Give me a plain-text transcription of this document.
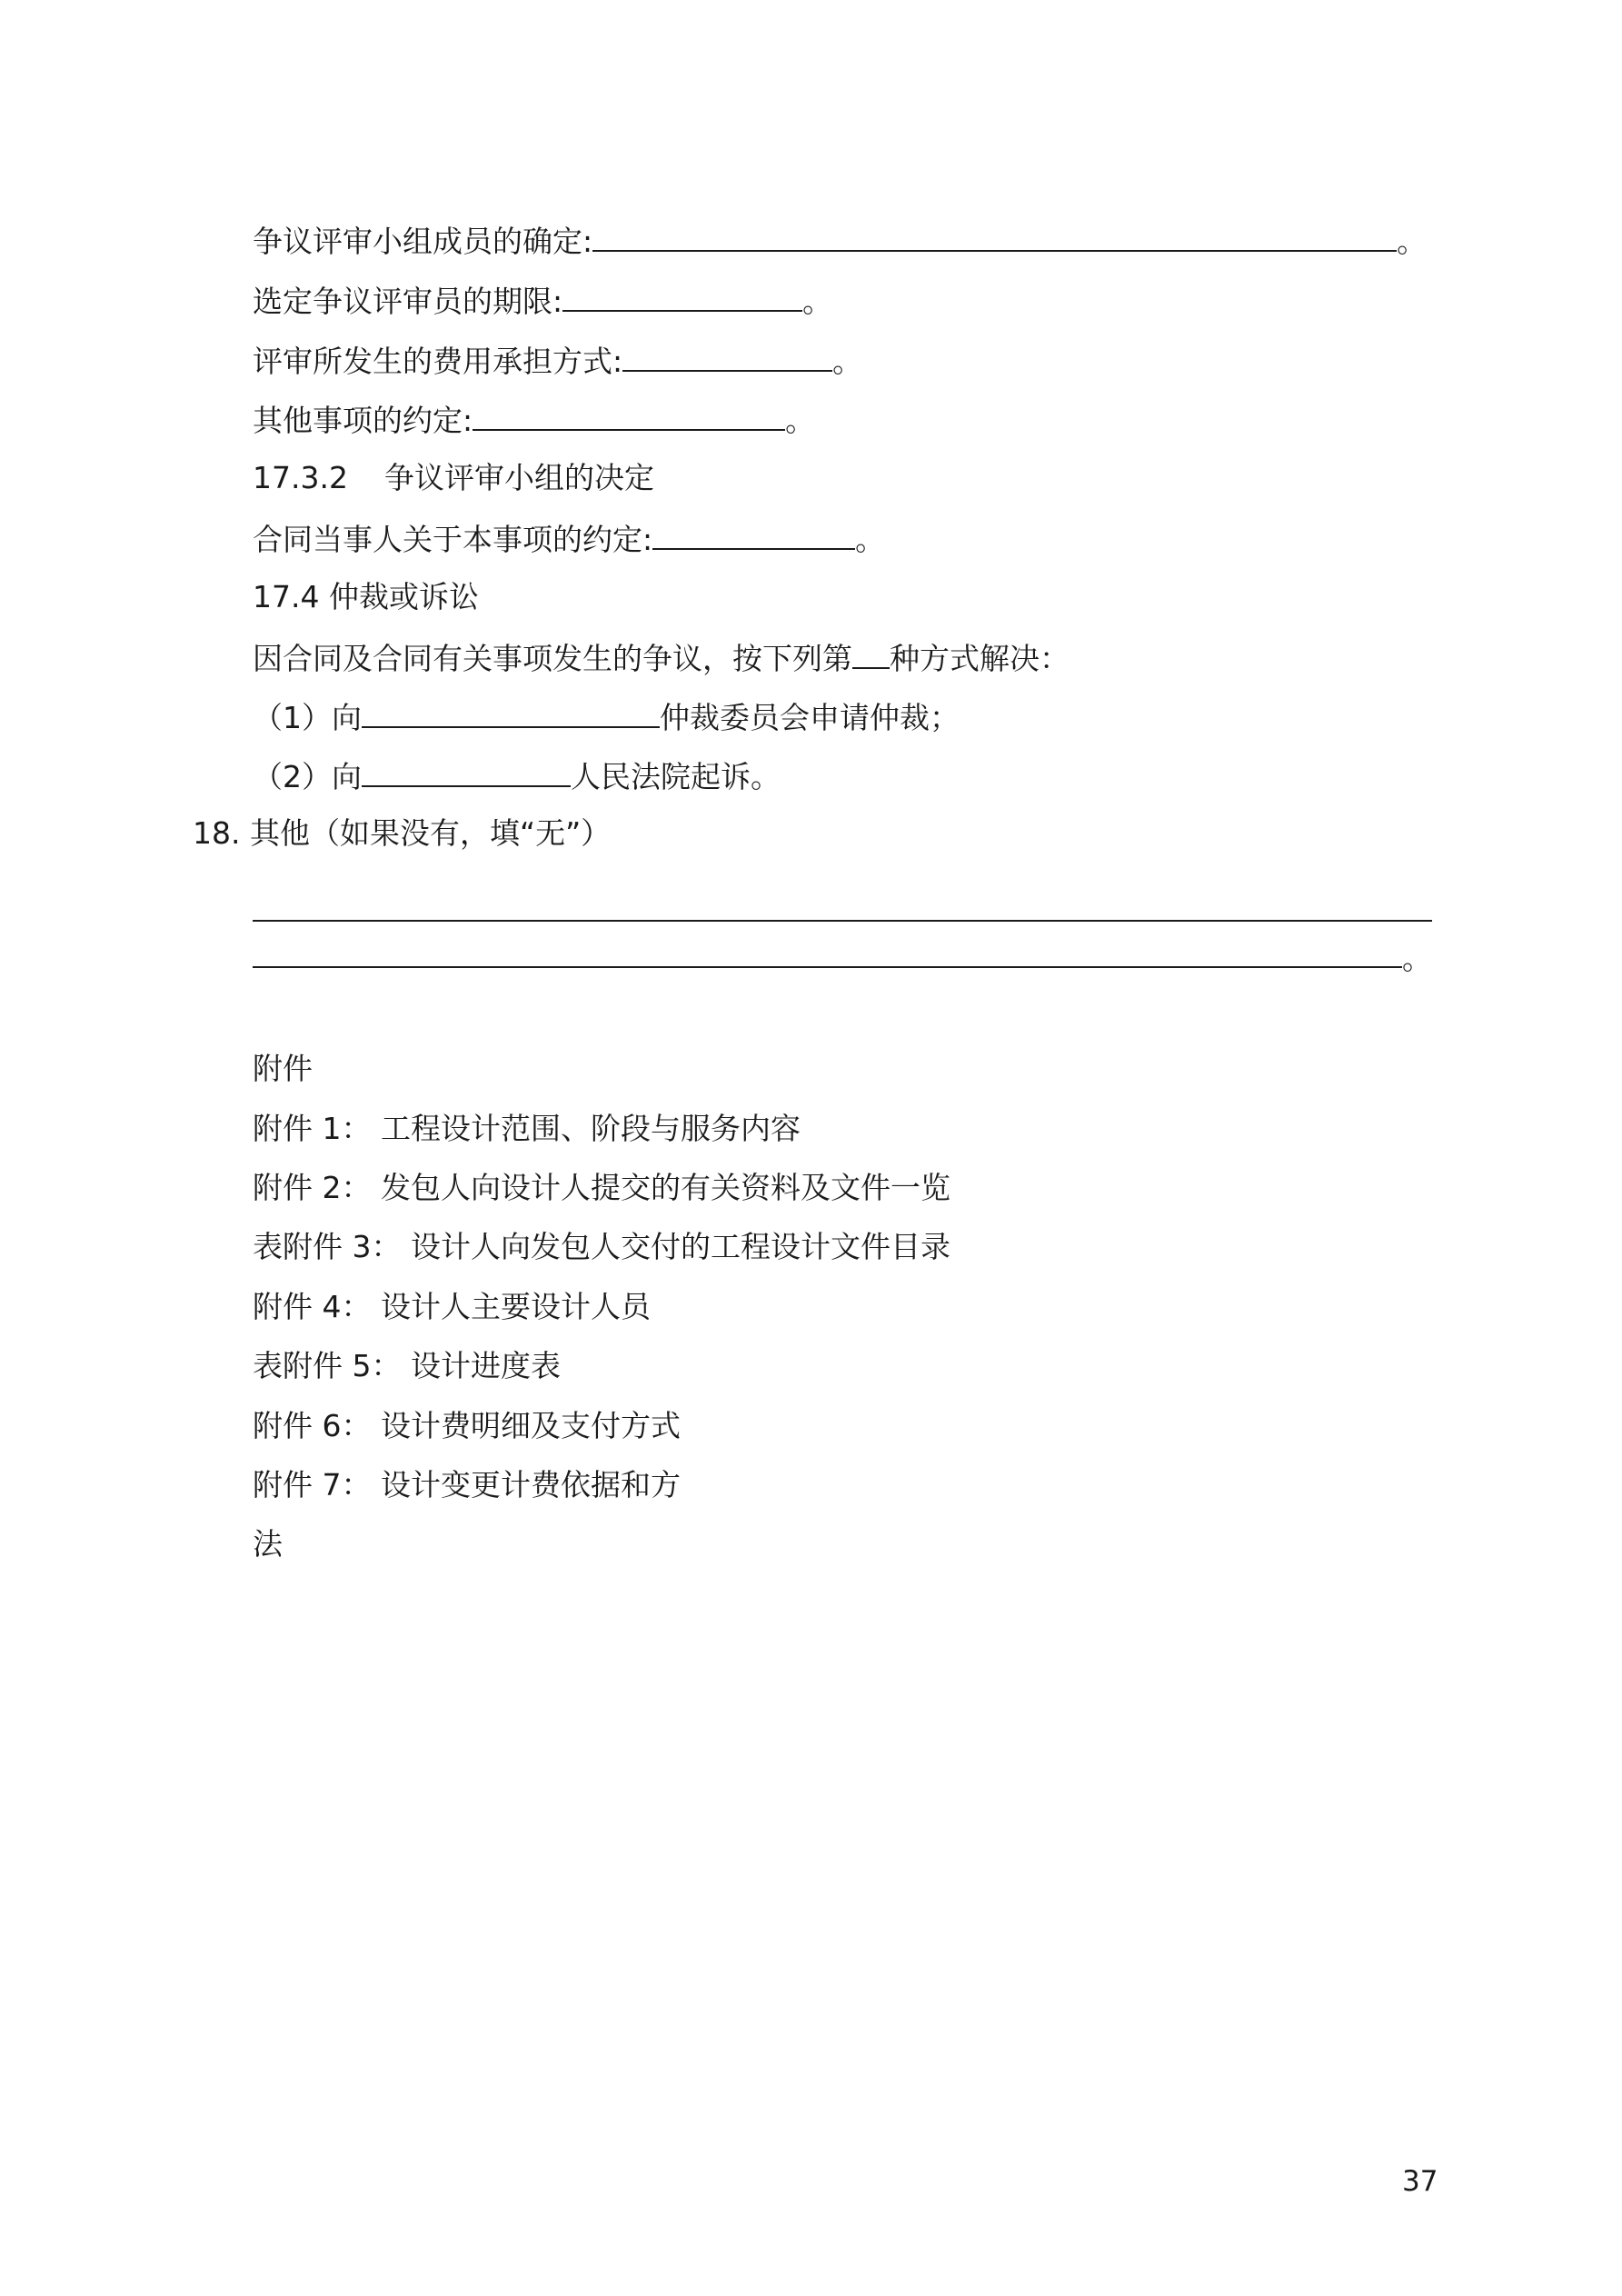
争议评审小组成员的确定:	。
选定争议评审员的期限:	。
评审所发生的费用承担方式:	。
其他事项的约定:	。
17.3.2 争议评审小组的决定
合同当事人关于本事项的约定:	。
17.4 仲裁或诉讼
因合同及合同有关事项发生的争议，按下列第 种方式解决：
（1）向	仲裁委员会申请仲裁；
（2）向	人民法院起诉。
18. 其他（如果没有，填“无”）
。
附件
附件 1： 工程设计范围、阶段与服务内容
附件 2： 发包人向设计人提交的有关资料及文件一览
表附件 3： 设计人向发包人交付的工程设计文件目录
附件 4： 设计人主要设计人员
表附件 5： 设计进度表
附件 6： 设计费明细及支付方式
附件 7： 设计变更计费依据和方
法
37
